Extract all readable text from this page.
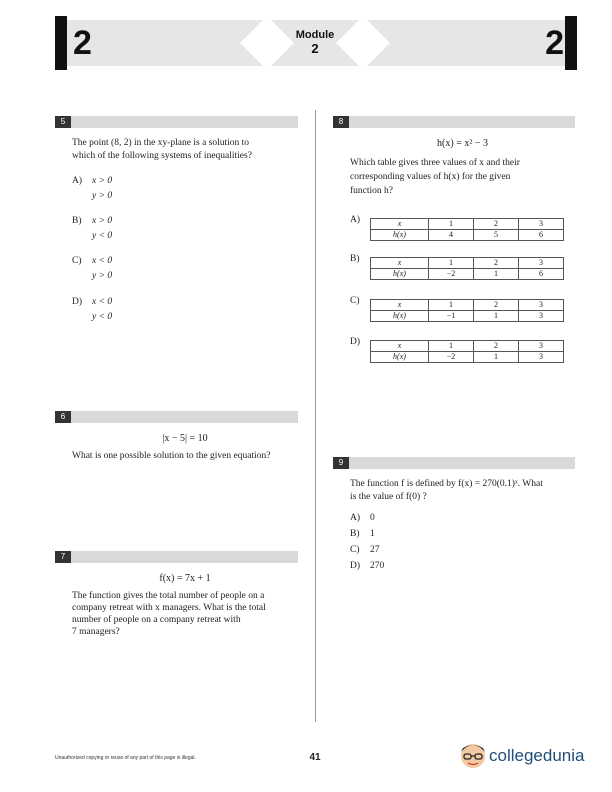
2	2
Module
2
5
The point (8, 2) in the xy-plane is a solution to
which of the following systems of inequalities?
A) x > 0
y > 0
B) x > 0
y < 0
C) x < 0
y > 0
D) x < 0
y < 0
6
|x − 5| = 10
What is one possible solution to the given equation?
7
f(x) = 7x + 1
The function gives the total number of people on a
company retreat with x managers. What is the total
number of people on a company retreat with
7 managers?
8
h(x) = x² − 3
Which table gives three values of x and their
corresponding values of h(x) for the given
function h?
A)	x	1	2	3
h(x)	4	5	6
B)	x	1	2	3
h(x)	−2	1	6
C)	x	1	2	3
h(x)	−1	1	3
D)	x	1	2	3
h(x)	−2	1	3
9
The function f is defined by f(x) = 270(0.1)ˣ. What
is the value of f(0) ?
A) 0
B) 1
C) 27
D) 270
Unauthorized copying or reuse of any part of this page is illegal.	41	collegedunia
